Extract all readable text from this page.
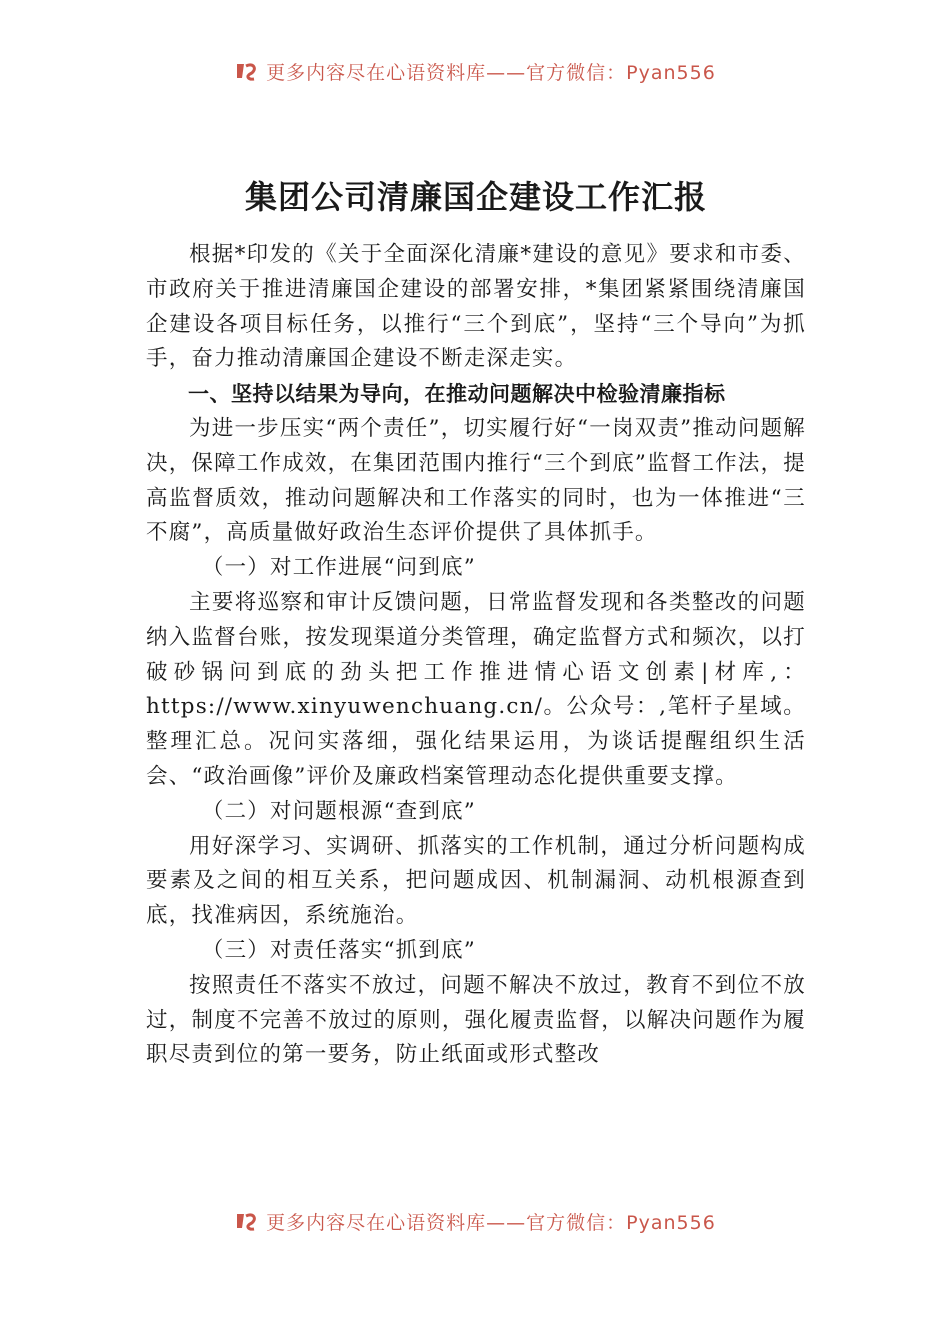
更多内容尽在心语资料库——官方微信：Pyan556
集团公司清廉国企建设工作汇报

根据*印发的《关于全面深化清廉*建设的意见》要求和市委、市政府关于推进清廉国企建设的部署安排，*集团紧紧围绕清廉国企建设各项目标任务，以推行“三个到底”，坚持“三个导向”为抓手，奋力推动清廉国企建设不断走深走实。

一、坚持以结果为导向，在推动问题解决中检验清廉指标

为进一步压实“两个责任”，切实履行好“一岗双责”推动问题解决，保障工作成效，在集团范围内推行“三个到底”监督工作法，提高监督质效，推动问题解决和工作落实的同时，也为一体推进“三不腐”，高质量做好政治生态评价提供了具体抓手。

（一）对工作进展“问到底”

主要将巡察和审计反馈问题，日常监督发现和各类整改的问题纳入监督台账，按发现渠道分类管理，确定监督方式和频次，以打破砂锅问到底的劲头把工作推进情心语文创素|材库,：https://www.xinyuwenchuang.cn/。公众号：,笔杆子星域。整理汇总。况问实落细，强化结果运用，为谈话提醒组织生活会、“政治画像”评价及廉政档案管理动态化提供重要支撑。

（二）对问题根源“查到底”

用好深学习、实调研、抓落实的工作机制，通过分析问题构成要素及之间的相互关系，把问题成因、机制漏洞、动机根源查到底，找准病因，系统施治。

（三）对责任落实“抓到底”

按照责任不落实不放过，问题不解决不放过，教育不到位不放过，制度不完善不放过的原则，强化履责监督，以解决问题作为履职尽责到位的第一要务，防止纸面或形式整改

更多内容尽在心语资料库——官方微信：Pyan556
